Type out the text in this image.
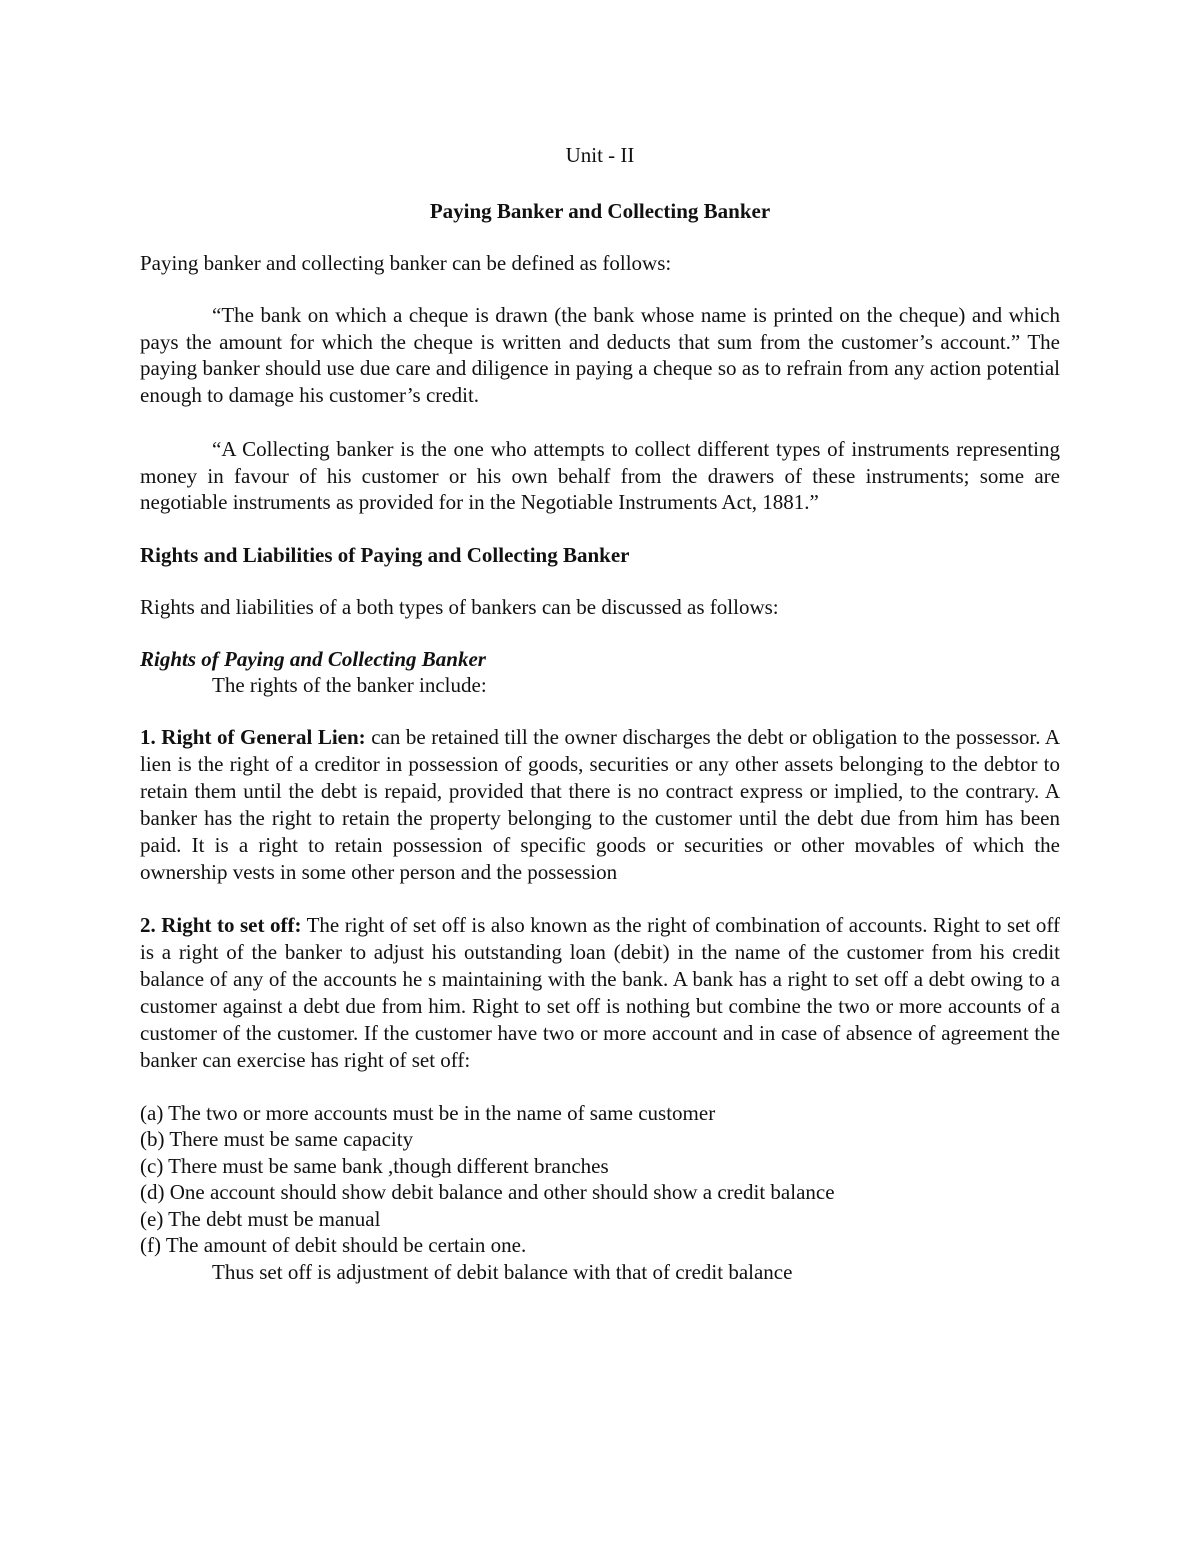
Unit - II

Paying Banker and Collecting Banker

Paying banker and collecting banker can be defined as follows:

“The bank on which a cheque is drawn (the bank whose name is printed on the cheque) and which pays the amount for which the cheque is written and deducts that sum from the customer’s account.” The paying banker should use due care and diligence in paying a cheque so as to refrain from any action potential enough to damage his customer’s credit.

“A Collecting banker is the one who attempts to collect different types of instruments representing money in favour of his customer or his own behalf from the drawers of these instruments; some are negotiable instruments as provided for in the Negotiable Instruments Act, 1881.”

Rights and Liabilities of Paying and Collecting Banker

Rights and liabilities of a both types of bankers can be discussed as follows:

Rights of Paying and Collecting Banker

The rights of the banker include:

1. Right of General Lien: can be retained till the owner discharges the debt or obligation to the possessor. A lien is the right of a creditor in possession of goods, securities or any other assets belonging to the debtor to retain them until the debt is repaid, provided that there is no contract express or implied, to the contrary. A banker has the right to retain the property belonging to the customer until the debt due from him has been paid. It is a right to retain possession of specific goods or securities or other movables of which the ownership vests in some other person and the possession

2. Right to set off: The right of set off is also known as the right of combination of accounts. Right to set off is a right of the banker to adjust his outstanding loan (debit) in the name of the customer from his credit balance of any of the accounts he s maintaining with the bank. A bank has a right to set off a debt owing to a customer against a debt due from him. Right to set off is nothing but combine the two or more accounts of a customer of the customer. If the customer have two or more account and in case of absence of agreement the banker can exercise has right of set off:

(a) The two or more accounts must be in the name of same customer
(b) There must be same capacity
(c) There must be same bank ,though different branches
(d) One account should show debit balance and other should show a credit balance
(e) The debt must be manual
(f) The amount of debit should be certain one.

Thus set off is adjustment of debit balance with that of credit balance
